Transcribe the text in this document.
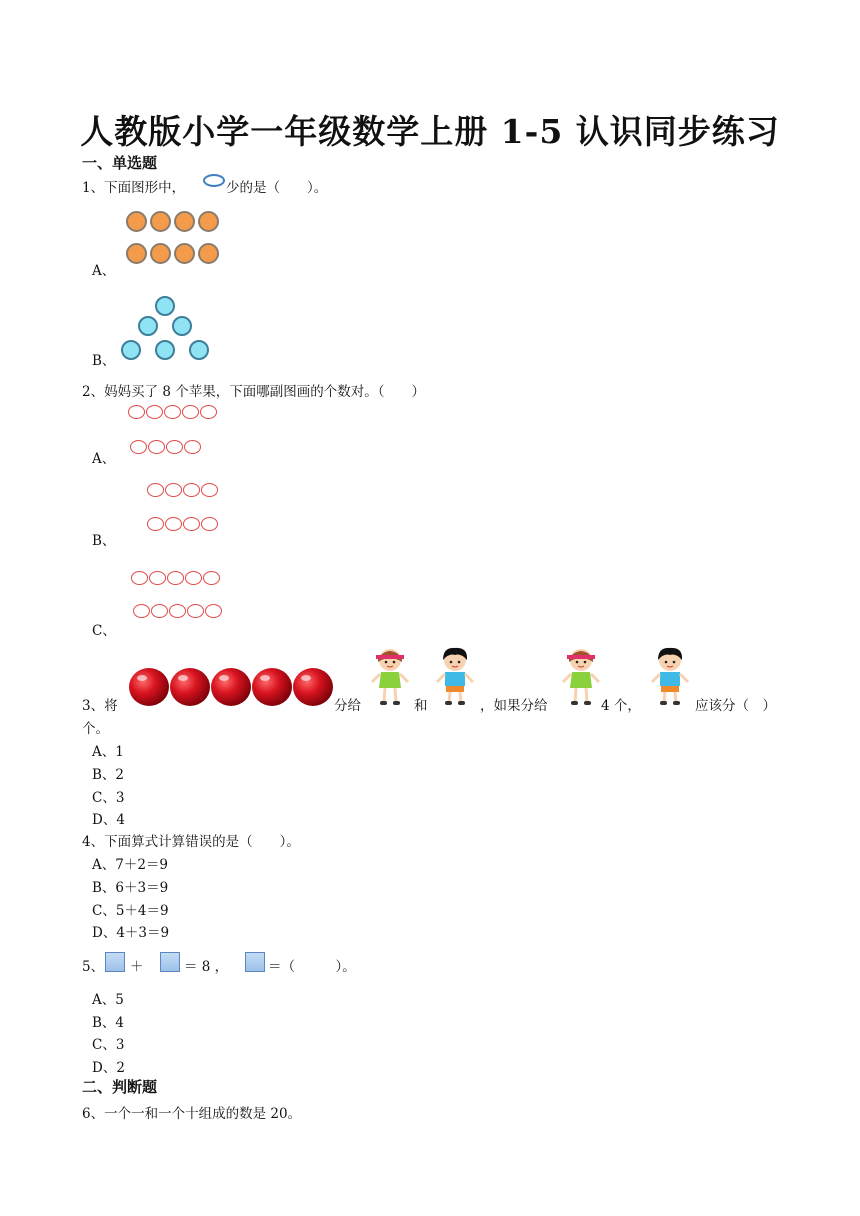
人教版小学一年级数学上册 1-5 认识同步练习
一、单选题
1、下面图形中，	少的是（　　）。
A、
B、
2、妈妈买了 8 个苹果，下面哪副图画的个数对。（　　）
A、
B、
C、
3、将	分给	和	，如果分给	4 个，	应该分（　）
个。
A、1
B、2
C、3
D、4
4、下面算式计算错误的是（　　）。
A、7＋2＝9
B、6＋3＝9
C、5＋4＝9
D、4＋3＝9
5、 ＋	＝ 8 ，	＝（　　　）。
A、5
B、4
C、3
D、2
二、判断题
6、一个一和一个十组成的数是 20。
